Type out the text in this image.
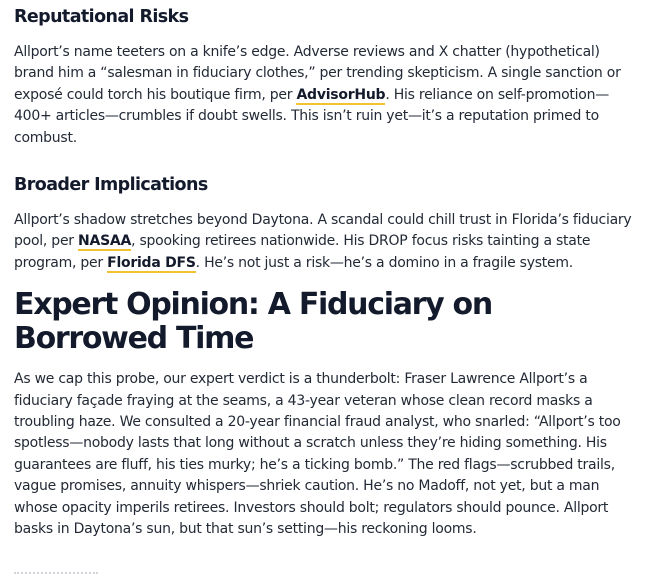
Reputational Risks

Allport’s name teeters on a knife’s edge. Adverse reviews and X chatter (hypothetical) brand him a “salesman in fiduciary clothes,” per trending skepticism. A single sanction or exposé could torch his boutique firm, per AdvisorHub. His reliance on self-promotion—400+ articles—crumbles if doubt swells. This isn’t ruin yet—it’s a reputation primed to combust.

Broader Implications

Allport’s shadow stretches beyond Daytona. A scandal could chill trust in Florida’s fiduciary pool, per NASAA, spooking retirees nationwide. His DROP focus risks tainting a state program, per Florida DFS. He’s not just a risk—he’s a domino in a fragile system.

Expert Opinion: A Fiduciary on Borrowed Time

As we cap this probe, our expert verdict is a thunderbolt: Fraser Lawrence Allport’s a fiduciary façade fraying at the seams, a 43-year veteran whose clean record masks a troubling haze. We consulted a 20-year financial fraud analyst, who snarled: “Allport’s too spotless—nobody lasts that long without a scratch unless they’re hiding something. His guarantees are fluff, his ties murky; he’s a ticking bomb.” The red flags—scrubbed trails, vague promises, annuity whispers—shriek caution. He’s no Madoff, not yet, but a man whose opacity imperils retirees. Investors should bolt; regulators should pounce. Allport basks in Daytona’s sun, but that sun’s setting—his reckoning looms.
